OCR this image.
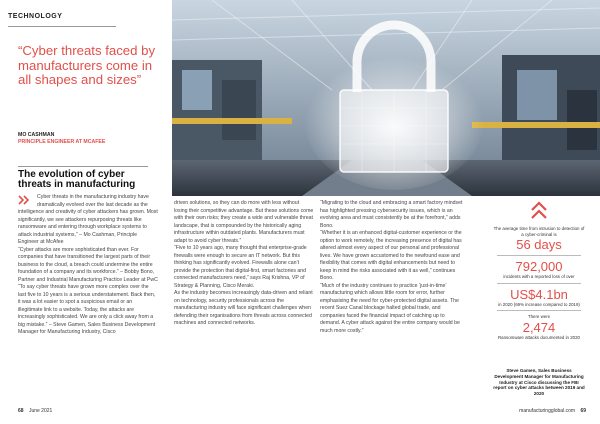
TECHNOLOGY
“Cyber threats faced by manufacturers come in all shapes and sizes”
MO CASHMAN
PRINCIPLE ENGINEER AT MCAFEE
The evolution of cyber threats in manufacturing

Cyber threats in the manufacturing industry have dramatically evolved over the last decade as the intelligence and creativity of cyber attackers has grown. Most significantly, we see attackers repurposing threats like ransomware and entering through workplace systems to attack industrial systems,” – Mo Cashman, Principle Engineer at McAfee

“Cyber attacks are more sophisticated than ever. For companies that have transitioned the largest parts of their business to the cloud, a breach could undermine the entire foundation of a company and its workforce.” – Bobby Bono, Partner and Industrial Manufacturing Practice Leader at PwC

“To say cyber threats have grown more complex over the last five to 10 years is a serious understatement. Back then, it was a lot easier to spot a suspicious email or an illegitimate link to a website. Today, the attacks are increasingly sophisticated. We are only a click away from a big mistake.” – Steve Gamen, Sales Business Development Manager for Manufacturing Industry, Cisco

driven solutions, so they can do more with less without losing their competitive advantage. But these solutions come with their own risks; they create a wide and vulnerable threat landscape, that is compounded by the historically aging infrastructure within outdated plants. Manufacturers must adapt to avoid cyber threats.”

“Five to 10 years ago, many thought that enterprise-grade firewalls were enough to secure an IT network. But this thinking has significantly evolved. Firewalls alone can’t provide the protection that digital-first, smart factories and connected manufacturers need,” says Raj Krishna, VP of Strategy & Planning, Cisco Meraki.

As the industry becomes increasingly data-driven and reliant on technology, security professionals across the manufacturing industry will face significant challenges when defending their organisations from threats across connected machines and connected networks.

“Migrating to the cloud and embracing a smart factory mindset has highlighted pressing cybersecurity issues, which is an evolving area and must consistently be at the forefront,” adds Bono.

“Whether it is an enhanced digital-customer experience or the option to work remotely, the increasing presence of digital has altered almost every aspect of our personal and professional lives. We have grown accustomed to the newfound ease and flexibility that comes with digital enhancements but need to keep in mind the risks associated with it as well,” continues Bono.

“Much of the industry continues to practice ‘just-in-time’ manufacturing which allows little room for error, further emphasising the need for cyber-protected digital assets. The recent Suez Canal blockage halted global trade, and companies faced the financial impact of catching up to demand. A cyber attack against the entire company would be much more costly.”

The average time from intrusion to detection of a cyber-criminal is
56 days
792,000
incidents with a reported loss of over
US$4.1bn
in 2020 (69% increase compared to 2019)
There were
2,474
Ransomware attacks documented in 2020
Steve Gamen, Sales Business Development Manager for Manufacturing Industry at Cisco discussing the FBI report on cyber attacks between 2019 and 2020
68 June 2021	manufacturingglobal.com 69
